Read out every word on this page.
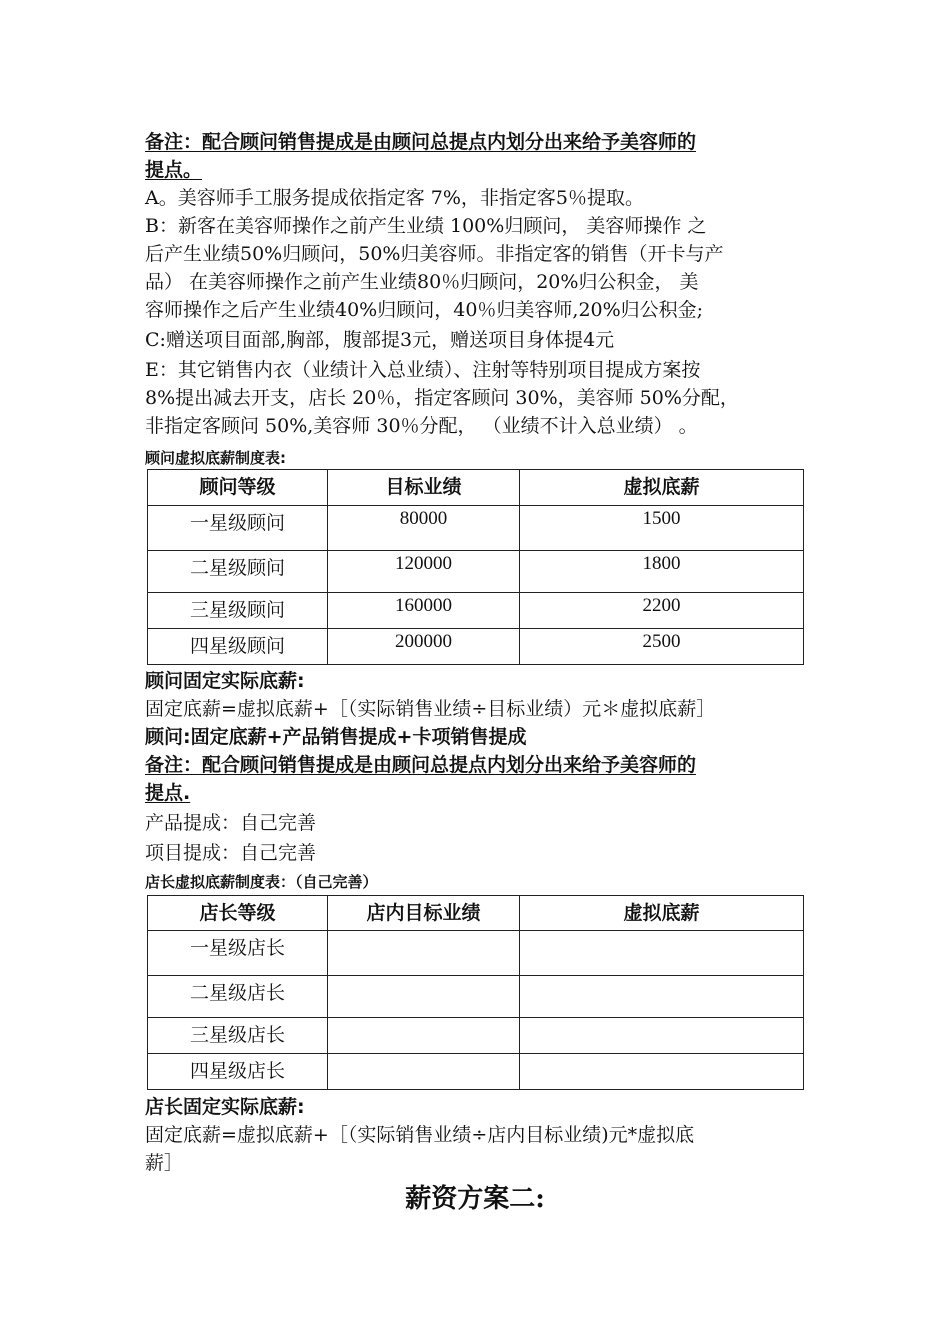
备注：配合顾问销售提成是由顾问总提点内划分出来给予美容师的
提点。
A。美容师手工服务提成依指定客 7%，非指定客5％提取。
B：新客在美容师操作之前产生业绩 100%归顾问， 美容师操作 之
后产生业绩50%归顾问，50%归美容师。非指定客的销售（开卡与产
品） 在美容师操作之前产生业绩80％归顾问，20%归公积金， 美
容师操作之后产生业绩40%归顾问，40％归美容师,20%归公积金;
C:赠送项目面部,胸部，腹部提3元，赠送项目身体提4元
E：其它销售内衣（业绩计入总业绩）、注射等特别项目提成方案按
8%提出减去开支，店长 20％，指定客顾问 30%，美容师 50%分配，
非指定客顾问 50%,美容师 30％分配， （业绩不计入总业绩） 。
顾问虚拟底薪制度表:
顾问等级	目标业绩	虚拟底薪
一星级顾问	80000	1500
二星级顾问	120000	1800
三星级顾问	160000	2200
四星级顾问	200000	2500
顾问固定实际底薪:
固定底薪=虚拟底薪+［（实际销售业绩÷目标业绩）元＊虚拟底薪］
顾问:固定底薪+产品销售提成+卡项销售提成
备注：配合顾问销售提成是由顾问总提点内划分出来给予美容师的
提点.
产品提成：自己完善
项目提成：自己完善
店长虚拟底薪制度表：（自己完善）
店长等级	店内目标业绩	虚拟底薪
一星级店长		
二星级店长		
三星级店长		
四星级店长		
店长固定实际底薪:
固定底薪=虚拟底薪+［（实际销售业绩÷店内目标业绩)元*虚拟底
薪］
薪资方案二:
